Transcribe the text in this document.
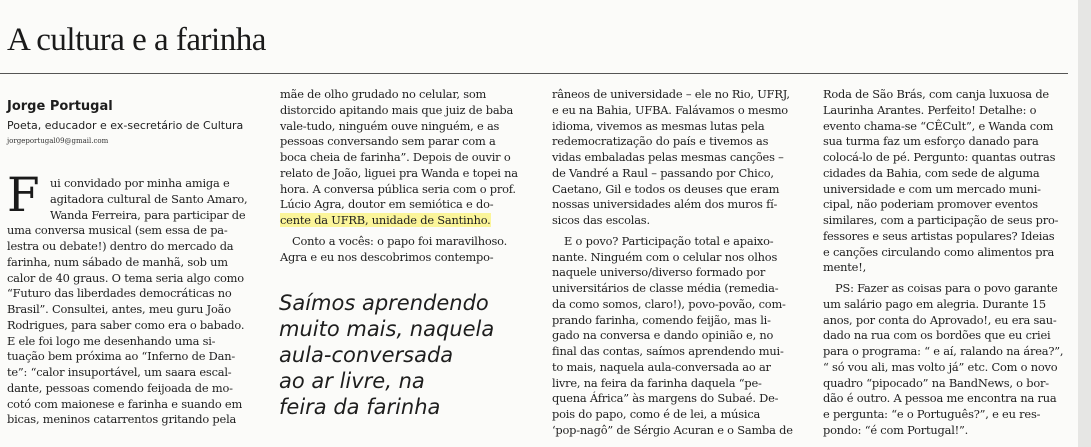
A cultura e a farinha
Jorge Portugal
Poeta, educador e ex-secretário de Cultura
jorgeportugal09@gmail.com
F ui convidado por minha amiga e
agitadora cultural de Santo Amaro,
Wanda Ferreira, para participar de
uma conversa musical (sem essa de pa-
lestra ou debate!) dentro do mercado da
farinha, num sábado de manhã, sob um
calor de 40 graus. O tema seria algo como
“Futuro das liberdades democráticas no
Brasil”. Consultei, antes, meu guru João
Rodrigues, para saber como era o babado.
E ele foi logo me desenhando uma si-
tuação bem próxima ao “Inferno de Dan-
te”: “calor insuportável, um saara escal-
dante, pessoas comendo feijoada de mo-
cotó com maionese e farinha e suando em
bicas, meninos catarrentos gritando pela
mãe de olho grudado no celular, som
distorcido apitando mais que juiz de baba
vale-tudo, ninguém ouve ninguém, e as
pessoas conversando sem parar com a
boca cheia de farinha”. Depois de ouvir o
relato de João, liguei pra Wanda e topei na
hora. A conversa pública seria com o prof.
Lúcio Agra, doutor em semiótica e do-
cente da UFRB, unidade de Santinho.
Conto a vocês: o papo foi maravilhoso.
Agra e eu nos descobrimos contempo-
Saímos aprendendo
muito mais, naquela
aula-conversada
ao ar livre, na
feira da farinha
râneos de universidade – ele no Rio, UFRJ,
e eu na Bahia, UFBA. Falávamos o mesmo
idioma, vivemos as mesmas lutas pela
redemocratização do país e tivemos as
vidas embaladas pelas mesmas canções –
de Vandré a Raul – passando por Chico,
Caetano, Gil e todos os deuses que eram
nossas universidades além dos muros fí-
sicos das escolas.
E o povo? Participação total e apaixo-
nante. Ninguém com o celular nos olhos
naquele universo/diverso formado por
universitários de classe média (remedia-
da como somos, claro!), povo-povão, com-
prando farinha, comendo feijão, mas li-
gado na conversa e dando opinião e, no
final das contas, saímos aprendendo mui-
to mais, naquela aula-conversada ao ar
livre, na feira da farinha daquela “pe-
quena África” às margens do Subaé. De-
pois do papo, como é de lei, a música
‘pop-nagô” de Sérgio Acuran e o Samba de
Roda de São Brás, com canja luxuosa de
Laurinha Arantes. Perfeito! Detalhe: o
evento chama-se “CÊCult”, e Wanda com
sua turma faz um esforço danado para
colocá-lo de pé. Pergunto: quantas outras
cidades da Bahia, com sede de alguma
universidade e com um mercado muni-
cipal, não poderiam promover eventos
similares, com a participação de seus pro-
fessores e seus artistas populares? Ideias
e canções circulando como alimentos pra
mente!,
PS: Fazer as coisas para o povo garante
um salário pago em alegria. Durante 15
anos, por conta do Aprovado!, eu era sau-
dado na rua com os bordões que eu criei
para o programa: “ e aí, ralando na área?”,
“ só vou ali, mas volto já” etc. Com o novo
quadro “pipocado” na BandNews, o bor-
dão é outro. A pessoa me encontra na rua
e pergunta: “e o Português?”, e eu res-
pondo: “é com Portugal!”.
